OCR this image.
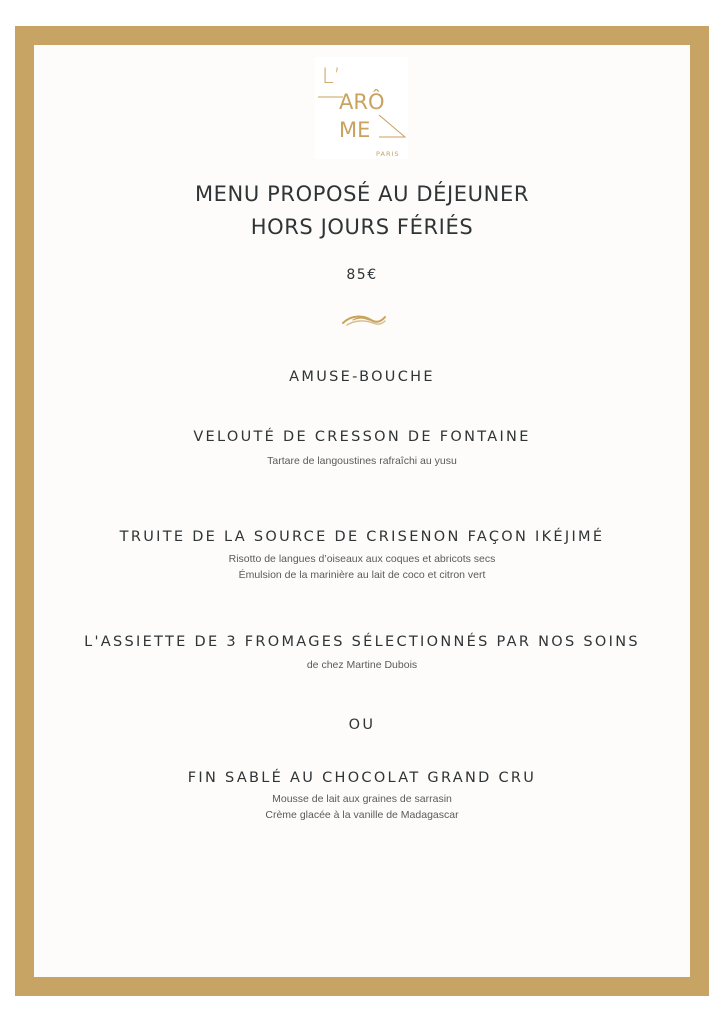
L’
ARÔ
ME
PARIS
MENU PROPOSÉ AU DÉJEUNER
HORS JOURS FÉRIÉS
85€
AMUSE-BOUCHE
VELOUTÉ DE CRESSON DE FONTAINE
Tartare de langoustines rafraîchi au yusu
TRUITE DE LA SOURCE DE CRISENON FAÇON IKÉJIMÉ
Risotto de langues d’oiseaux aux coques et abricots secs
Émulsion de la marinière au lait de coco et citron vert
L'ASSIETTE DE 3 FROMAGES SÉLECTIONNÉS PAR NOS SOINS
de chez Martine Dubois
OU
FIN SABLÉ AU CHOCOLAT GRAND CRU
Mousse de lait aux graines de sarrasin
Crème glacée à la vanille de Madagascar
